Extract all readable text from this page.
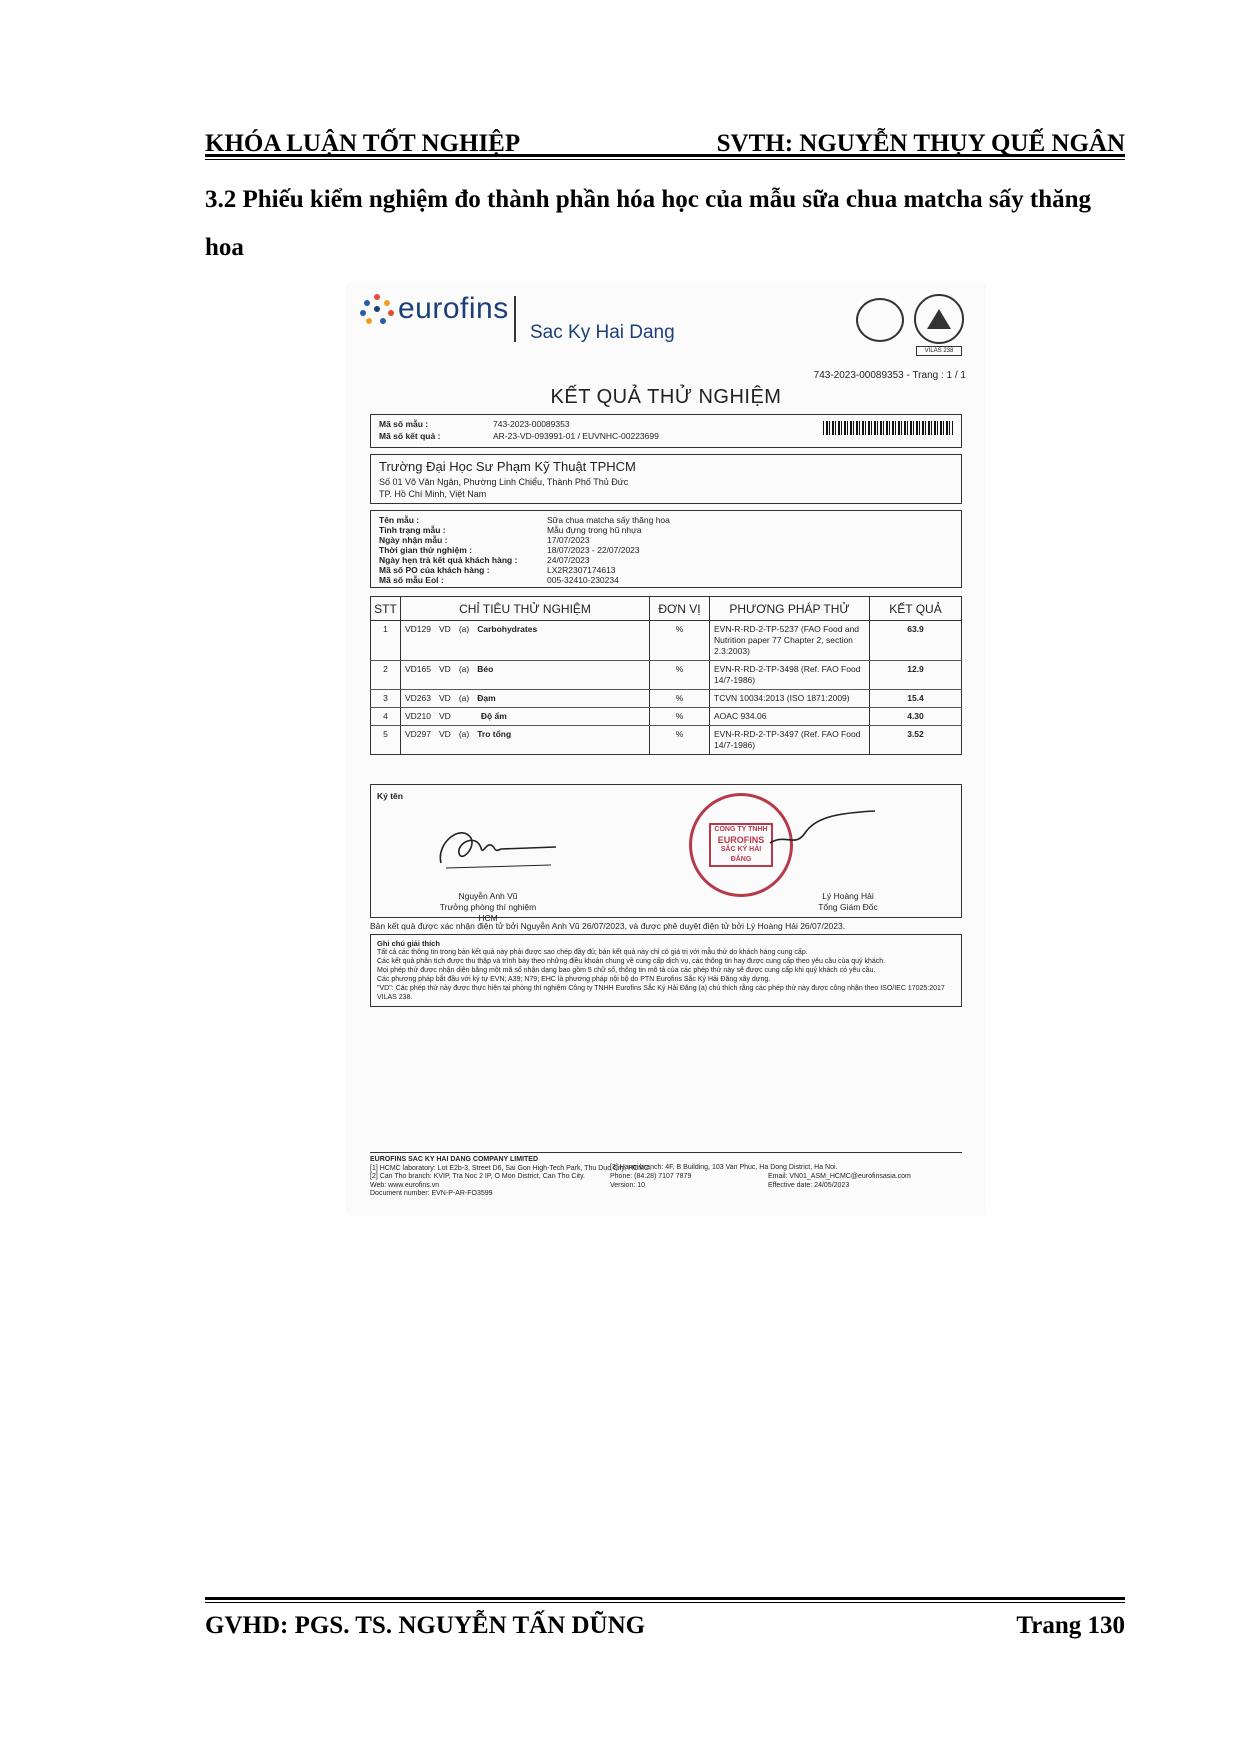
KHÓA LUẬN TỐT NGHIỆP	SVTH: NGUYỄN THỤY QUẾ NGÂN
3.2 Phiếu kiểm nghiệm đo thành phần hóa học của mẫu sữa chua matcha sấy thăng hoa
eurofins
Sac Ky Hai Dang
VILAS 238
743-2023-00089353 - Trang : 1 / 1
KẾT QUẢ THỬ NGHIỆM
Mã số mẫu :	743-2023-00089353
Mã số kết quả :	AR-23-VD-093991-01 / EUVNHC-00223699
Trường Đại Học Sư Phạm Kỹ Thuật TPHCM
Số 01 Võ Văn Ngân, Phường Linh Chiểu, Thành Phố Thủ Đức
TP. Hồ Chí Minh, Việt Nam
Tên mẫu :	Sữa chua matcha sấy thăng hoa
Tình trạng mẫu :	Mẫu đựng trong hũ nhựa
Ngày nhận mẫu :	17/07/2023
Thời gian thử nghiệm :	18/07/2023 - 22/07/2023
Ngày hẹn trả kết quả khách hàng :	24/07/2023
Mã số PO của khách hàng :	LX2R2307174613
Mã số mẫu Eol :	005-32410-230234
STT	CHỈ TIÊU THỬ NGHIỆM	ĐƠN VỊ	PHƯƠNG PHÁP THỬ	KẾT QUẢ
1	VD129 VD (a) Carbohydrates	%	EVN-R-RD-2-TP-5237 (FAO Food and Nutrition paper 77 Chapter 2, section 2.3:2003)	63.9
2	VD165 VD (a) Béo	%	EVN-R-RD-2-TP-3498 (Ref. FAO Food 14/7-1986)	12.9
3	VD263 VD (a) Đạm	%	TCVN 10034:2013 (ISO 1871:2009)	15.4
4	VD210 VD Độ ẩm	%	AOAC 934.06	4.30
5	VD297 VD (a) Tro tổng	%	EVN-R-RD-2-TP-3497 (Ref. FAO Food 14/7-1986)	3.52
Ký tên
CÔNG TY TNHH
EUROFINS
SẮC KÝ HẢI ĐĂNG
Nguyễn Anh Vũ
Trưởng phòng thí nghiệm HCM
Lý Hoàng Hải
Tổng Giám Đốc
Bản kết quả được xác nhận điện tử bởi Nguyễn Anh Vũ 26/07/2023, và được phê duyệt điện tử bởi Lý Hoàng Hải 26/07/2023.
Ghi chú giải thích
Tất cả các thông tin trong bản kết quả này phải được sao chép đầy đủ; bản kết quả này chỉ có giá trị với mẫu thử do khách hàng cung cấp.
Các kết quả phân tích được thu thập và trình bày theo những điều khoản chung về cung cấp dịch vụ, các thông tin hay được cung cấp theo yêu cầu của quý khách.
Mọi phép thử được nhận diện bằng một mã số nhận dạng bao gồm 5 chữ số, thông tin mô tả của các phép thử này sẽ được cung cấp khi quý khách có yêu cầu.
Các phương pháp bắt đầu với ký tự EVN; A39; N79; EHC là phương pháp nội bộ do PTN Eurofins Sắc Ký Hải Đăng xây dựng.
"VD": Các phép thử này được thực hiện tại phòng thí nghiệm Công ty TNHH Eurofins Sắc Ký Hải Đăng (a) chú thích rằng các phép thử này được công nhận theo ISO/IEC 17025:2017 VILAS 238.
EUROFINS SAC KY HAI DANG COMPANY LIMITED
[1] HCMC laboratory: Lot E2b-3, Street D6, Sai Gon High-Tech Park, Thu Duc City, HCMC.
[2] Can Tho branch: KVIP, Tra Noc 2 IP, O Mon District, Can Tho City.
Web: www.eurofins.vn
Document number: EVN-P-AR-FO3599
Phone: (84.28) 7107 7879
Version: 10
[3] Hanoi branch: 4F, B Building, 103 Van Phuc, Ha Dong District, Ha Noi.
Email: VN01_ASM_HCMC@eurofinsasia.com
Effective date: 24/05/2023
GVHD: PGS. TS. NGUYỄN TẤN DŨNG	Trang 130
